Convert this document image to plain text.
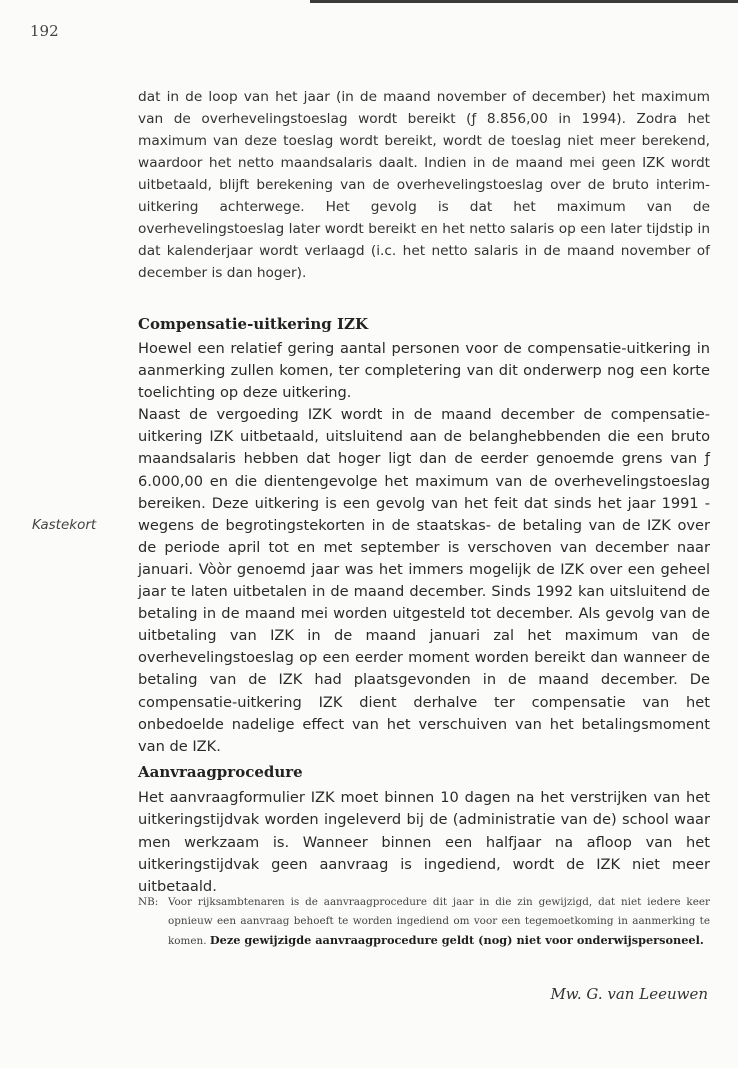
192
dat in de loop van het jaar (in de maand november of december) het maximum van de overhevelingstoeslag wordt bereikt (ƒ 8.856,00 in 1994). Zodra het maximum van deze toeslag wordt bereikt, wordt de toeslag niet meer berekend, waardoor het netto maandsalaris daalt. Indien in de maand mei geen IZK wordt uitbetaald, blijft berekening van de overhevelingstoeslag over de bruto interim-uitkering achterwege. Het gevolg is dat het maximum van de overhevelingstoeslag later wordt bereikt en het netto salaris op een later tijdstip in dat kalenderjaar wordt verlaagd (i.c. het netto salaris in de maand november of december is dan hoger).
Compensatie-uitkering IZK

Hoewel een relatief gering aantal personen voor de compensatie-uitkering in aanmerking zullen komen, ter completering van dit onderwerp nog een korte toelichting op deze uitkering.

Naast de vergoeding IZK wordt in de maand december de compensatie-uitkering IZK uitbetaald, uitsluitend aan de belanghebbenden die een bruto maandsalaris hebben dat hoger ligt dan de eerder genoemde grens van ƒ 6.000,00 en die dientengevolge het maximum van de overhevelingstoeslag bereiken. Deze uitkering is een gevolg van het feit dat sinds het jaar 1991 -wegens de begrotingstekorten in de staatskas- de betaling van de IZK over de periode april tot en met september is verschoven van december naar januari. Vòòr genoemd jaar was het immers mogelijk de IZK over een geheel jaar te laten uitbetalen in de maand december. Sinds 1992 kan uitsluitend de betaling in de maand mei worden uitgesteld tot december. Als gevolg van de uitbetaling van IZK in de maand januari zal het maximum van de overhevelingstoeslag op een eerder moment worden bereikt dan wanneer de betaling van de IZK had plaatsgevonden in de maand december. De compensatie-uitkering IZK dient derhalve ter compensatie van het onbedoelde nadelige effect van het verschuiven van het betalingsmoment van de IZK.

Kastekort
Aanvraagprocedure

Het aanvraagformulier IZK moet binnen 10 dagen na het verstrijken van het uitkeringstijdvak worden ingeleverd bij de (administratie van de) school waar men werkzaam is. Wanneer binnen een halfjaar na afloop van het uitkeringstijdvak geen aanvraag is ingediend, wordt de IZK niet meer uitbetaald.

NB: Voor rijksambtenaren is de aanvraagprocedure dit jaar in die zin gewijzigd, dat niet iedere keer opnieuw een aanvraag behoeft te worden ingediend om voor een tegemoetkoming in aanmerking te komen. Deze gewijzigde aanvraagprocedure geldt (nog) niet voor onderwijspersoneel.
Mw. G. van Leeuwen
